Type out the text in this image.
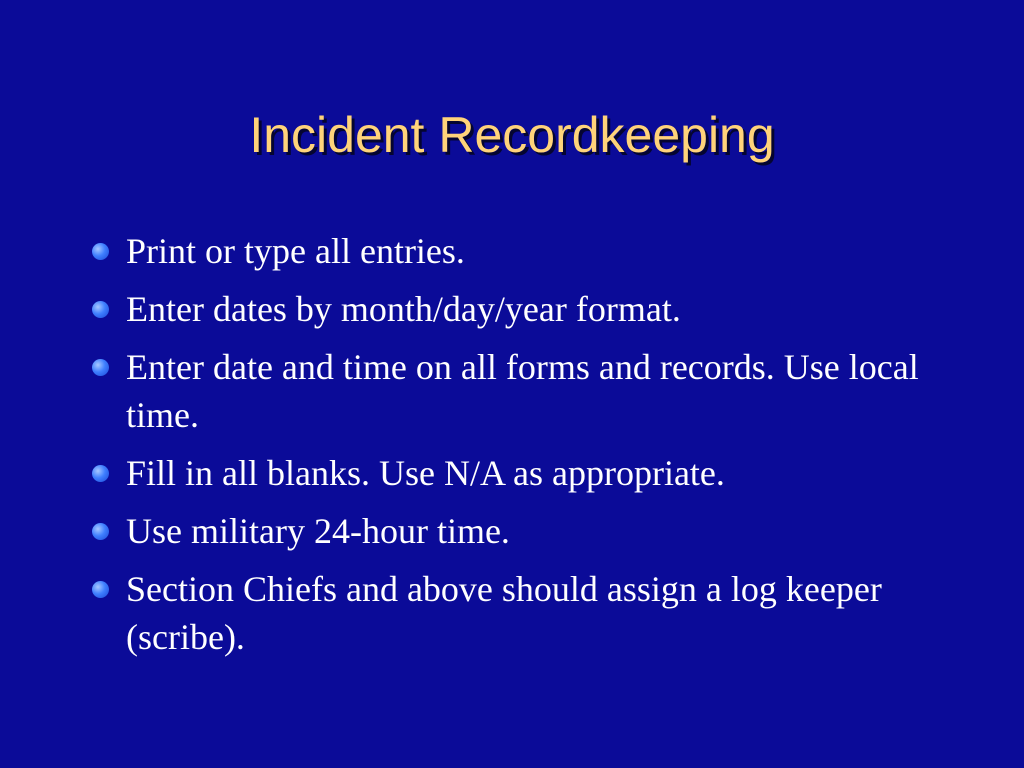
Incident Recordkeeping
Print or type all entries.
Enter dates by month/day/year format.
Enter date and time on all forms and records. Use local time.
Fill in all blanks. Use N/A as appropriate.
Use military 24-hour time.
Section Chiefs and above should assign a log keeper (scribe).
